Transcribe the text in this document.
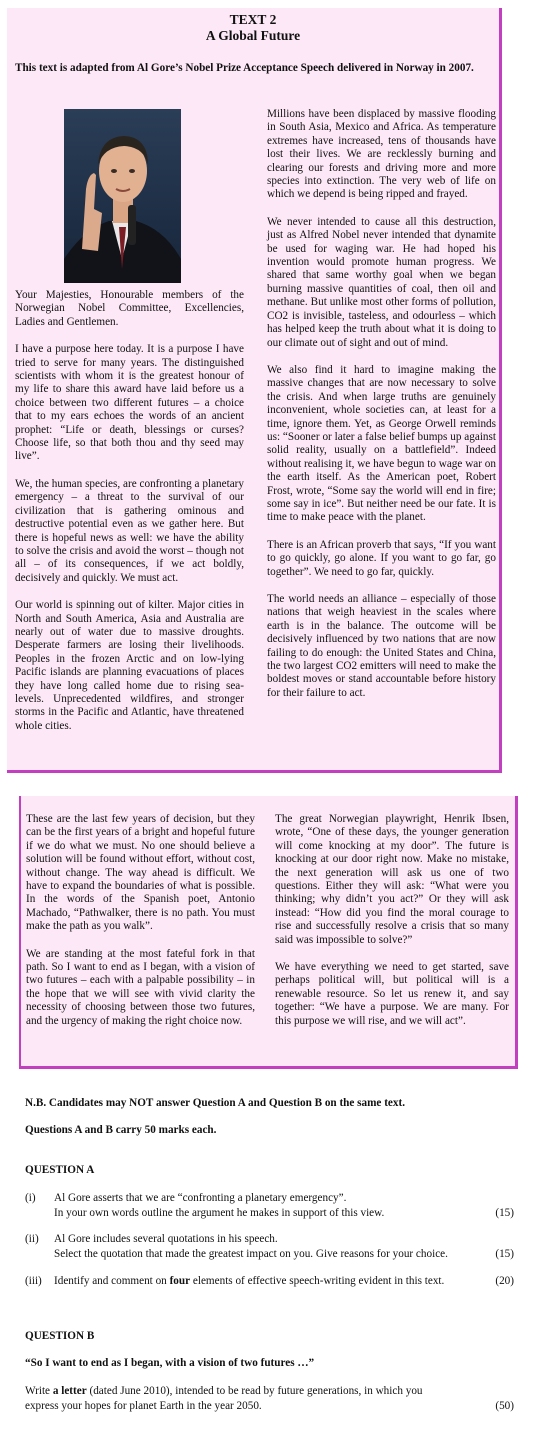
TEXT 2
A Global Future
This text is adapted from Al Gore’s Nobel Prize Acceptance Speech delivered in Norway in 2007.

Your Majesties, Honourable members of the Norwegian Nobel Committee, Excellencies, Ladies and Gentlemen.

I have a purpose here today. It is a purpose I have tried to serve for many years. The distinguished scientists with whom it is the greatest honour of my life to share this award have laid before us a choice between two different futures – a choice that to my ears echoes the words of an ancient prophet: “Life or death, blessings or curses? Choose life, so that both thou and thy seed may live”.

We, the human species, are confronting a planetary emergency – a threat to the survival of our civilization that is gathering ominous and destructive potential even as we gather here. But there is hopeful news as well: we have the ability to solve the crisis and avoid the worst – though not all – of its consequences, if we act boldly, decisively and quickly. We must act.

Our world is spinning out of kilter. Major cities in North and South America, Asia and Australia are nearly out of water due to massive droughts. Desperate farmers are losing their livelihoods. Peoples in the frozen Arctic and on low-lying Pacific islands are planning evacuations of places they have long called home due to rising sea-levels. Unprecedented wildfires, and stronger storms in the Pacific and Atlantic, have threatened whole cities.

Millions have been displaced by massive flooding in South Asia, Mexico and Africa. As temperature extremes have increased, tens of thousands have lost their lives. We are recklessly burning and clearing our forests and driving more and more species into extinction. The very web of life on which we depend is being ripped and frayed.

We never intended to cause all this destruction, just as Alfred Nobel never intended that dynamite be used for waging war. He had hoped his invention would promote human progress. We shared that same worthy goal when we began burning massive quantities of coal, then oil and methane. But unlike most other forms of pollution, CO2 is invisible, tasteless, and odourless – which has helped keep the truth about what it is doing to our climate out of sight and out of mind.

We also find it hard to imagine making the massive changes that are now necessary to solve the crisis. And when large truths are genuinely inconvenient, whole societies can, at least for a time, ignore them. Yet, as George Orwell reminds us: “Sooner or later a false belief bumps up against solid reality, usually on a battlefield”. Indeed without realising it, we have begun to wage war on the earth itself. As the American poet, Robert Frost, wrote, “Some say the world will end in fire; some say in ice”. But neither need be our fate. It is time to make peace with the planet.

There is an African proverb that says, “If you want to go quickly, go alone. If you want to go far, go together”. We need to go far, quickly.

The world needs an alliance – especially of those nations that weigh heaviest in the scales where earth is in the balance. The outcome will be decisively influenced by two nations that are now failing to do enough: the United States and China, the two largest CO2 emitters will need to make the boldest moves or stand accountable before history for their failure to act.

These are the last few years of decision, but they can be the first years of a bright and hopeful future if we do what we must. No one should believe a solution will be found without effort, without cost, without change. The way ahead is difficult. We have to expand the boundaries of what is possible. In the words of the Spanish poet, Antonio Machado, “Pathwalker, there is no path. You must make the path as you walk”.

We are standing at the most fateful fork in that path. So I want to end as I began, with a vision of two futures – each with a palpable possibility – in the hope that we will see with vivid clarity the necessity of choosing between those two futures, and the urgency of making the right choice now.

The great Norwegian playwright, Henrik Ibsen, wrote, “One of these days, the younger generation will come knocking at my door”. The future is knocking at our door right now. Make no mistake, the next generation will ask us one of two questions. Either they will ask: “What were you thinking; why didn’t you act?” Or they will ask instead: “How did you find the moral courage to rise and successfully resolve a crisis that so many said was impossible to solve?”

We have everything we need to get started, save perhaps political will, but political will is a renewable resource. So let us renew it, and say together: “We have a purpose. We are many. For this purpose we will rise, and we will act”.

N.B. Candidates may NOT answer Question A and Question B on the same text.
Questions A and B carry 50 marks each.
QUESTION A
(i) Al Gore asserts that we are “confronting a planetary emergency”.
In your own words outline the argument he makes in support of this view.	(15)
(ii) Al Gore includes several quotations in his speech.
Select the quotation that made the greatest impact on you. Give reasons for your choice.	(15)
(iii) Identify and comment on four elements of effective speech-writing evident in this text.	(20)
QUESTION B
“So I want to end as I began, with a vision of two futures …”
Write a letter (dated June 2010), intended to be read by future generations, in which you
express your hopes for planet Earth in the year 2050.	(50)
